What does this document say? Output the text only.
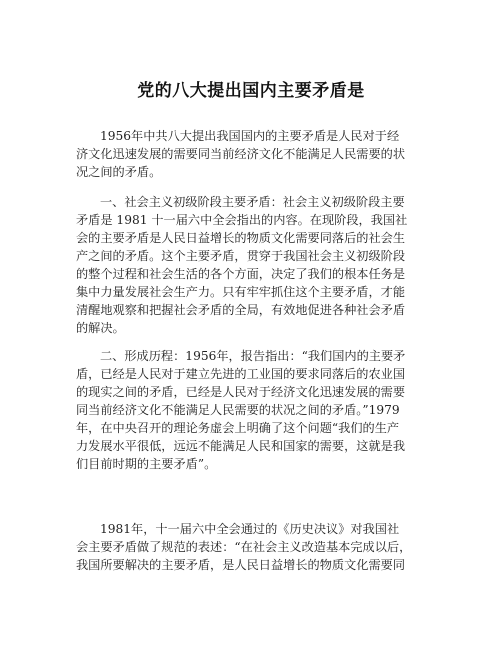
党的八大提出国内主要矛盾是
1956年中共八大提出我国国内的主要矛盾是人民对于经
济文化迅速发展的需要同当前经济文化不能满足人民需要的状
况之间的矛盾。
一、社会主义初级阶段主要矛盾：社会主义初级阶段主要
矛盾是 1981 十一届六中全会指出的内容。在现阶段，我国社
会的主要矛盾是人民日益增长的物质文化需要同落后的社会生
产之间的矛盾。这个主要矛盾，贯穿于我国社会主义初级阶段
的整个过程和社会生活的各个方面，决定了我们的根本任务是
集中力量发展社会生产力。只有牢牢抓住这个主要矛盾，才能
清醒地观察和把握社会矛盾的全局，有效地促进各种社会矛盾
的解决。
二、形成历程：1956年，报告指出：“我们国内的主要矛
盾，已经是人民对于建立先进的工业国的要求同落后的农业国
的现实之间的矛盾，已经是人民对于经济文化迅速发展的需要
同当前经济文化不能满足人民需要的状况之间的矛盾。”1979
年，在中央召开的理论务虚会上明确了这个问题“我们的生产
力发展水平很低，远远不能满足人民和国家的需要，这就是我
们目前时期的主要矛盾”。
1981年，十一届六中全会通过的《历史决议》对我国社
会主要矛盾做了规范的表述：“在社会主义改造基本完成以后，
我国所要解决的主要矛盾，是人民日益增长的物质文化需要同
